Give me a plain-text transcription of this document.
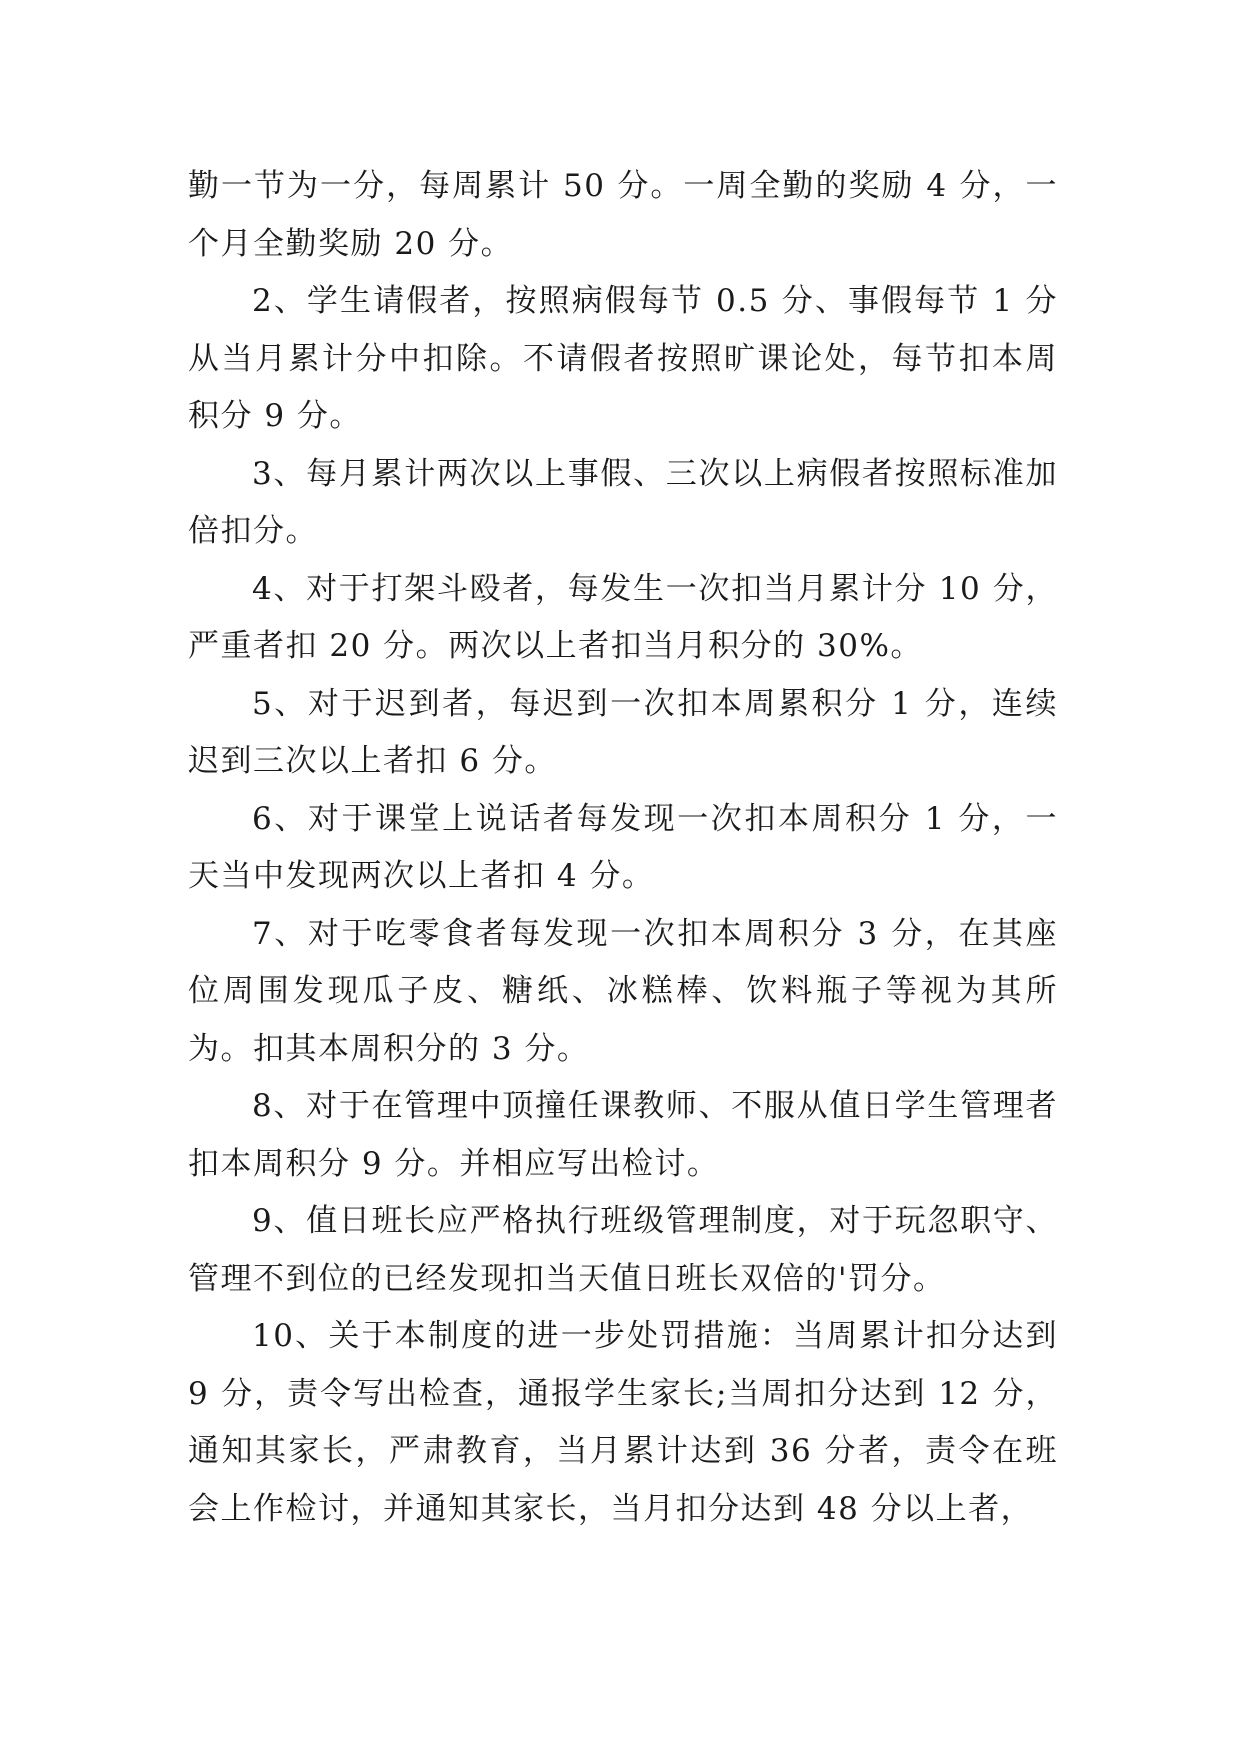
勤一节为一分，每周累计 50 分。一周全勤的奖励 4 分，一个月全勤奖励 20 分。

2、学生请假者，按照病假每节 0.5 分、事假每节 1 分从当月累计分中扣除。不请假者按照旷课论处，每节扣本周积分 9 分。

3、每月累计两次以上事假、三次以上病假者按照标准加倍扣分。

4、对于打架斗殴者，每发生一次扣当月累计分 10 分，严重者扣 20 分。两次以上者扣当月积分的 30%。

5、对于迟到者，每迟到一次扣本周累积分 1 分，连续迟到三次以上者扣 6 分。

6、对于课堂上说话者每发现一次扣本周积分 1 分，一天当中发现两次以上者扣 4 分。

7、对于吃零食者每发现一次扣本周积分 3 分，在其座位周围发现瓜子皮、糖纸、冰糕棒、饮料瓶子等视为其所为。扣其本周积分的 3 分。

8、对于在管理中顶撞任课教师、不服从值日学生管理者扣本周积分 9 分。并相应写出检讨。

9、值日班长应严格执行班级管理制度，对于玩忽职守、管理不到位的已经发现扣当天值日班长双倍的'罚分。

10、关于本制度的进一步处罚措施：当周累计扣分达到 9 分，责令写出检查，通报学生家长;当周扣分达到 12 分，通知其家长，严肃教育，当月累计达到 36 分者，责令在班会上作检讨，并通知其家长，当月扣分达到 48 分以上者，
